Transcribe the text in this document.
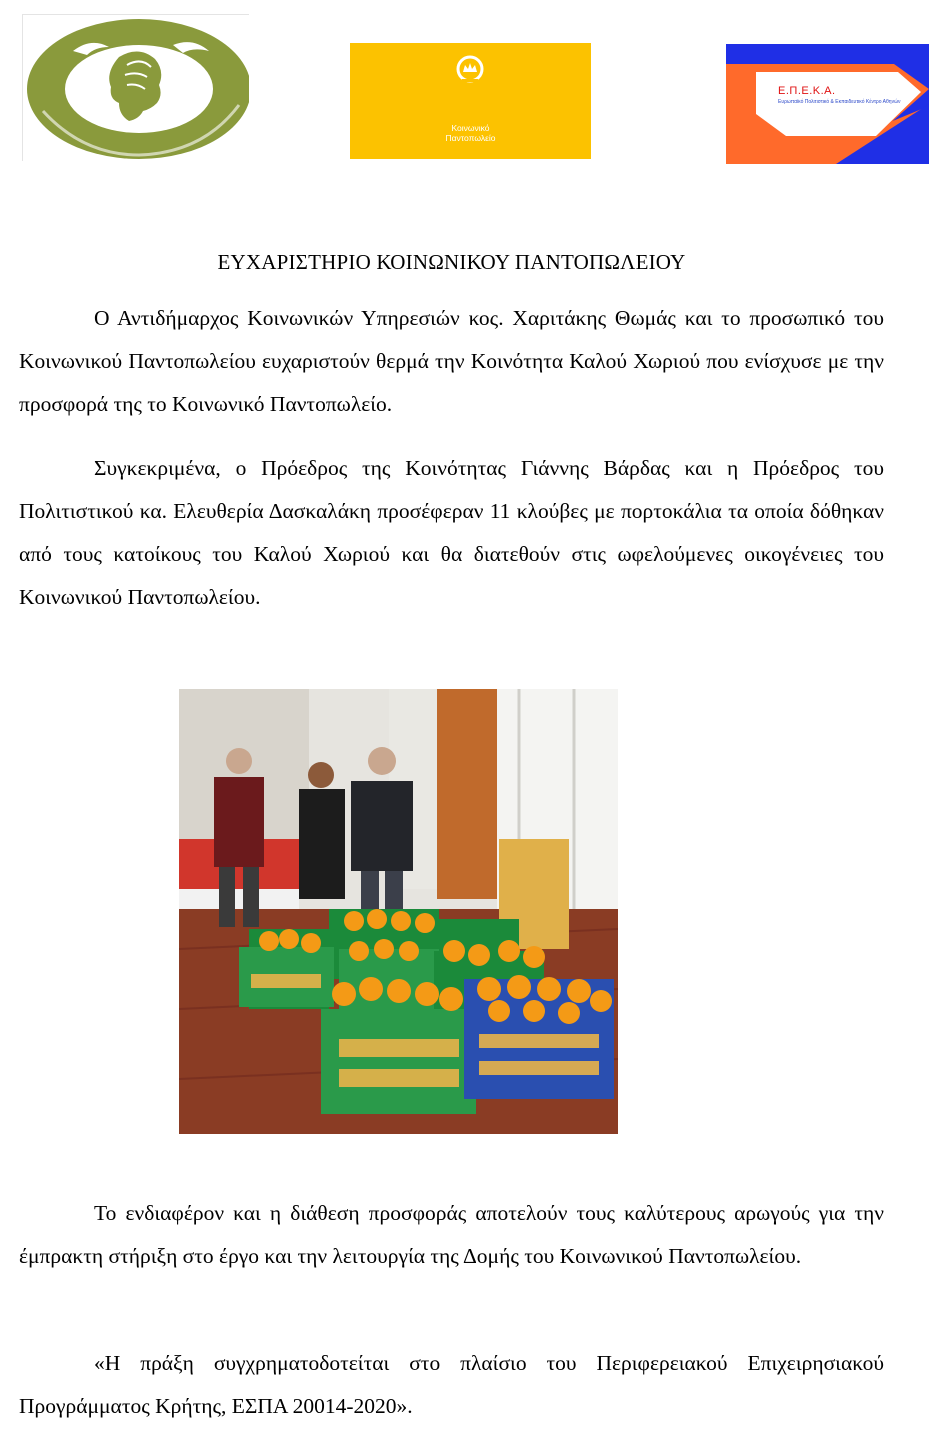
Κοινωνικό
Παντοπωλείο
Ε.Π.Ε.Κ.Α.
Ευρωπαϊκό Πολιτιστικό & Εκπαιδευτικό Κέντρο Αθηνών
ΕΥΧΑΡΙΣΤΗΡΙΟ ΚΟΙΝΩΝΙΚΟΥ ΠΑΝΤΟΠΩΛΕΙΟΥ

Ο Αντιδήμαρχος Κοινωνικών Υπηρεσιών κος. Χαριτάκης Θωμάς και το προσωπικό του Κοινωνικού Παντοπωλείου ευχαριστούν θερμά την Κοινότητα Καλού Χωριού που ενίσχυσε με την προσφορά της το Κοινωνικό Παντοπωλείο.

Συγκεκριμένα, ο Πρόεδρος της Κοινότητας Γιάννης Βάρδας και η Πρόεδρος του Πολιτιστικού κα. Ελευθερία Δασκαλάκη προσέφεραν 11 κλούβες με πορτοκάλια τα οποία δόθηκαν από τους κατοίκους του Καλού Χωριού και θα διατεθούν στις ωφελούμενες οικογένειες του Κοινωνικού Παντοπωλείου.

Το ενδιαφέρον και η διάθεση προσφοράς αποτελούν τους καλύτερους αρωγούς για την έμπρακτη στήριξη στο έργο και την λειτουργία της Δομής του Κοινωνικού Παντοπωλείου.

«Η πράξη συγχρηματοδοτείται στο πλαίσιο του Περιφερειακού Επιχειρησιακού Προγράμματος Κρήτης, ΕΣΠΑ 20014-2020».
